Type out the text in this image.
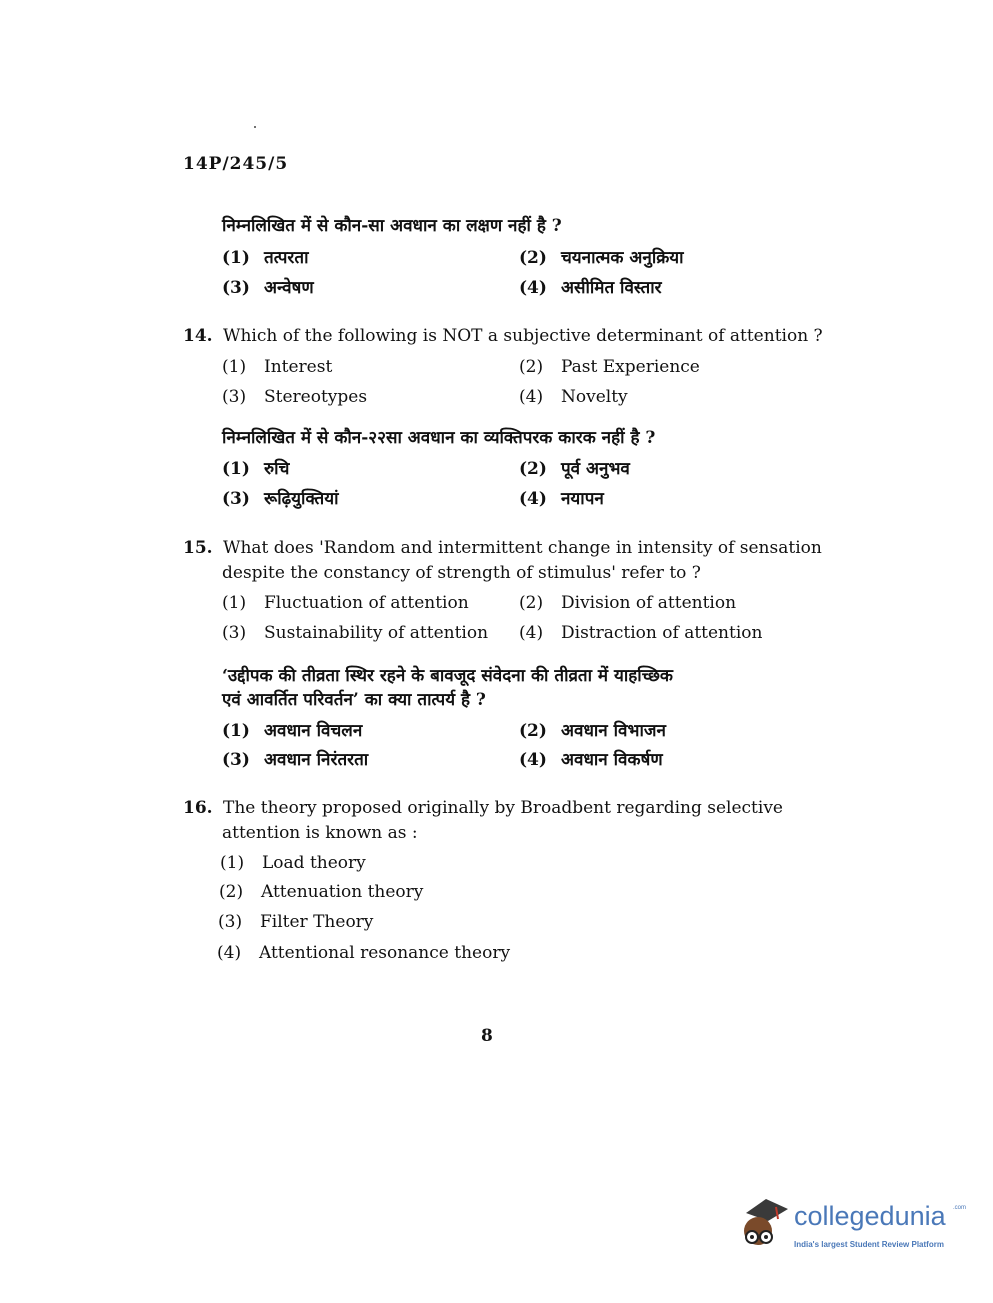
14P/245/5
निम्नलिखित में से कौन-सा अवधान का लक्षण नहीं है ?
(1) तत्परता	(2) चयनात्मक अनुक्रिया
(3) अन्वेषण	(4) असीमित विस्तार
14. Which of the following is NOT a subjective determinant of attention ?
(1) Interest	(2) Past Experience
(3) Stereotypes	(4) Novelty
निम्नलिखित में से कौन-२२सा अवधान का व्यक्तिपरक कारक नहीं है ?
(1) रुचि	(2) पूर्व अनुभव
(3) रूढ़ियुक्तियां	(4) नयापन
15. What does 'Random and intermittent change in intensity of sensation
despite the constancy of strength of stimulus' refer to ?
(1) Fluctuation of attention	(2) Division of attention
(3) Sustainability of attention (4) Distraction of attention
‘उद्दीपक की तीव्रता स्थिर रहने के बावजूद संवेदना की तीव्रता में याहच्छिक
एवं आवर्तित परिवर्तन’ का क्या तात्पर्य है ?
(1) अवधान विचलन	(2) अवधान विभाजन
(3) अवधान निरंतरता	(4) अवधान विकर्षण
16. The theory proposed originally by Broadbent regarding selective
attention is known as :
(1) Load theory
(2) Attenuation theory
(3) Filter Theory
(4) Attentional resonance theory
8
collegedunia .com
India's largest Student Review Platform
